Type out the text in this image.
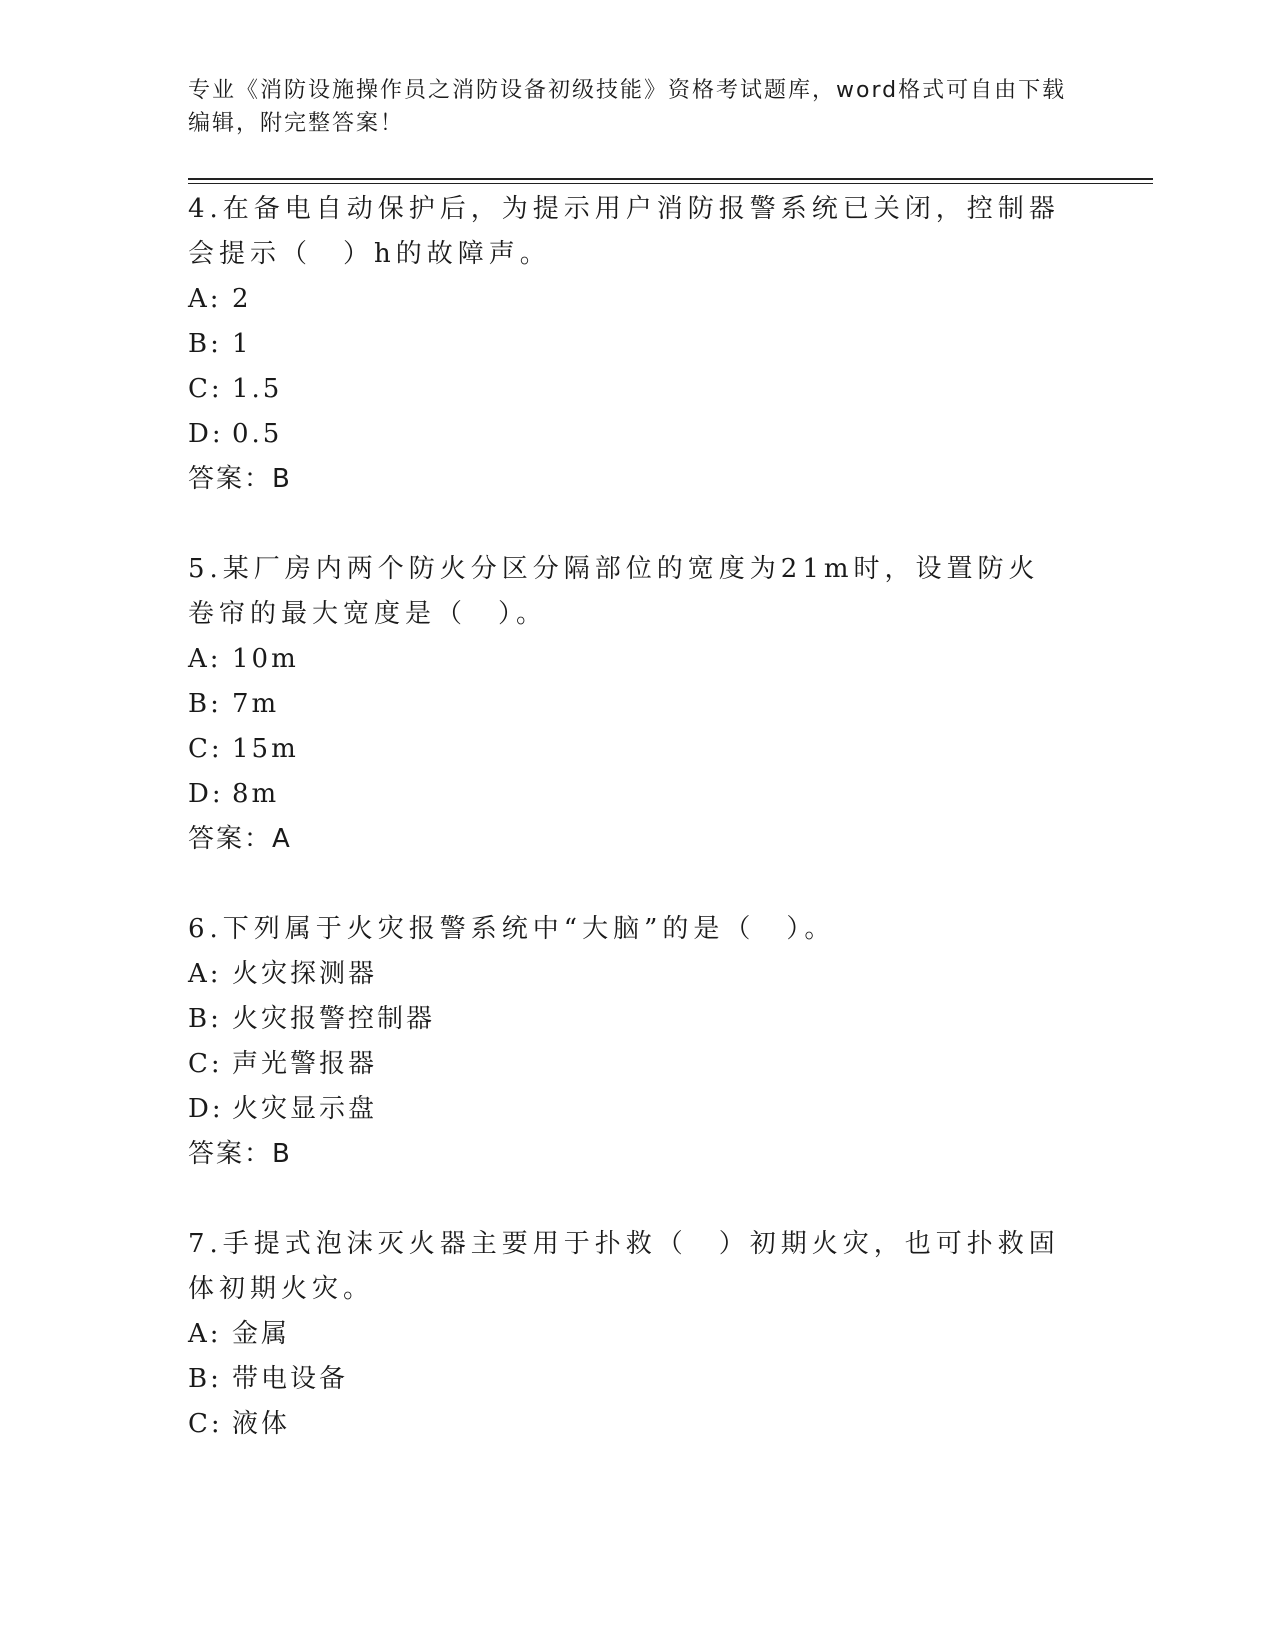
专业《消防设施操作员之消防设备初级技能》资格考试题库，word格式可自由下载编辑，附完整答案！

4.在备电自动保护后，为提示用户消防报警系统已关闭，控制器会提示（　）h的故障声。

A: 2

B: 1

C: 1.5

D: 0.5

答案：B

5.某厂房内两个防火分区分隔部位的宽度为21m时，设置防火卷帘的最大宽度是（　）。

A: 10m

B: 7m

C: 15m

D: 8m

答案：A

6.下列属于火灾报警系统中“大脑”的是（　）。

A: 火灾探测器

B: 火灾报警控制器

C: 声光警报器

D: 火灾显示盘

答案：B

7.手提式泡沫灭火器主要用于扑救（　）初期火灾，也可扑救固体初期火灾。

A: 金属

B: 带电设备

C: 液体
